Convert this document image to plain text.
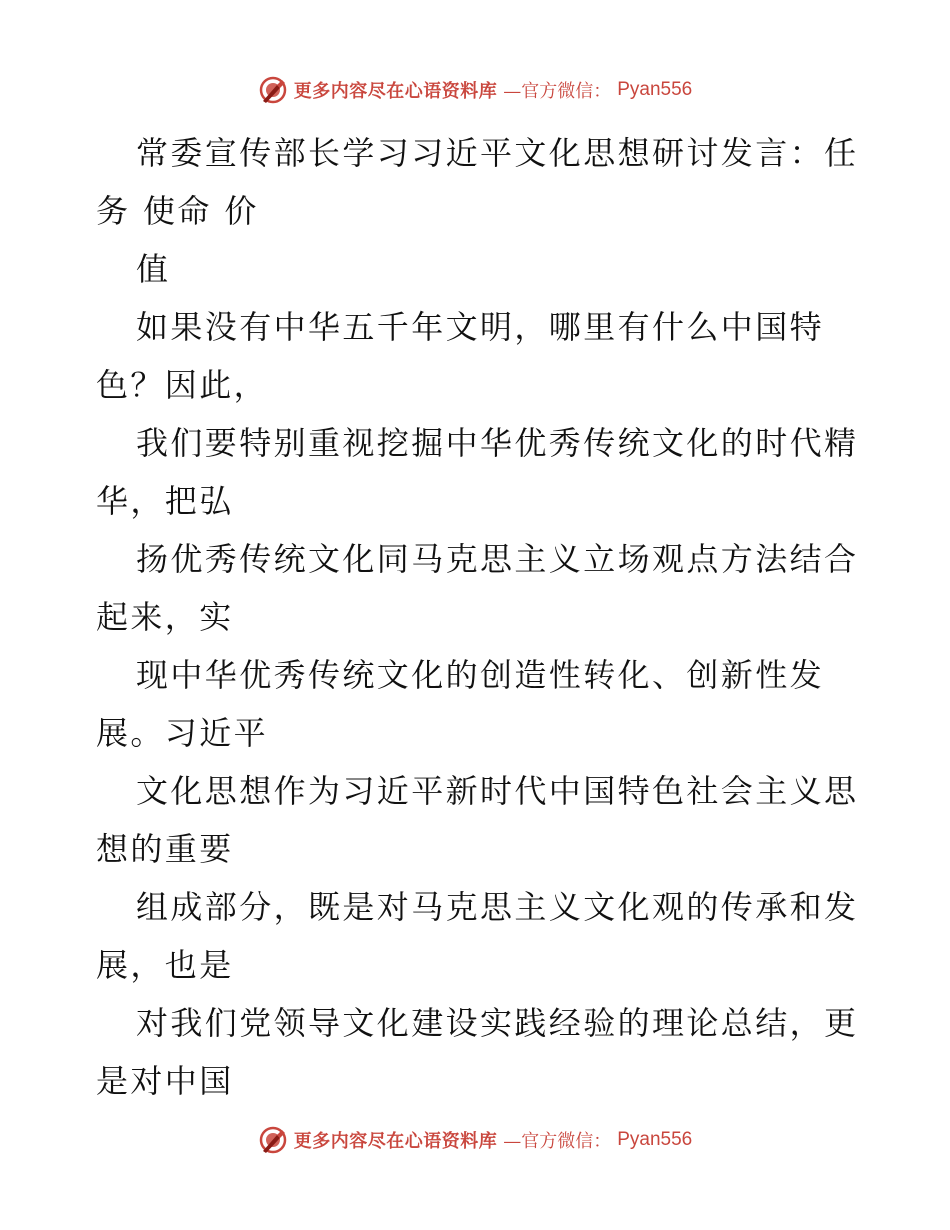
更多内容尽在心语资料库 —官方微信： Pyan556

常委宣传部长学习习近平文化思想研讨发言：任

务 使命 价

值

如果没有中华五千年文明，哪里有什么中国特

色？因此，

我们要特别重视挖掘中华优秀传统文化的时代精

华，把弘

扬优秀传统文化同马克思主义立场观点方法结合

起来，实

现中华优秀传统文化的创造性转化、创新性发

展。习近平

文化思想作为习近平新时代中国特色社会主义思

想的重要

组成部分，既是对马克思主义文化观的传承和发

展，也是

对我们党领导文化建设实践经验的理论总结，更

是对中国

更多内容尽在心语资料库 —官方微信： Pyan556
